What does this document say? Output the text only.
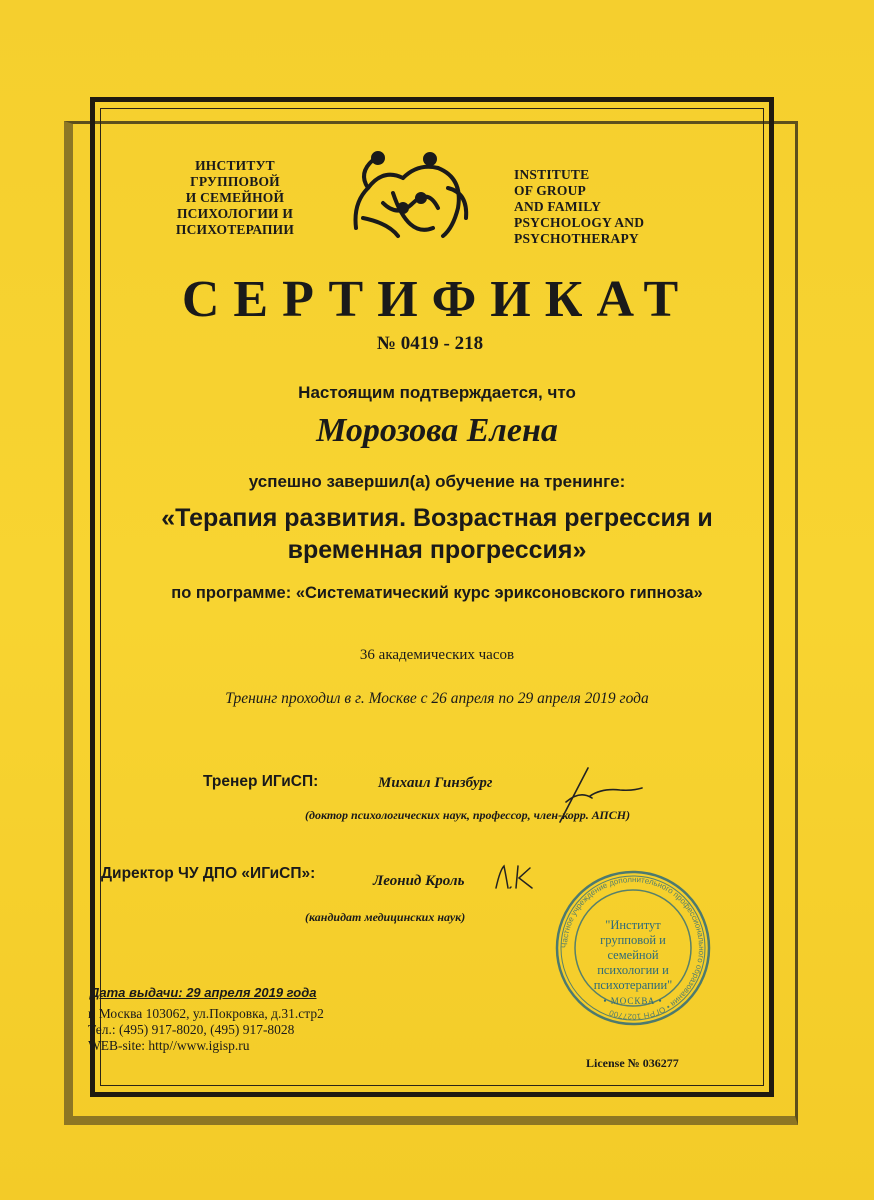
ИНСТИТУТ
ГРУППОВОЙ
И СЕМЕЙНОЙ
ПСИХОЛОГИИ И
ПСИХОТЕРАПИИ
INSTITUTE
OF GROUP
AND FAMILY
PSYCHOLOGY AND
PSYCHOTHERAPY
СЕРТИФИКАТ
№ 0419 - 218
Настоящим подтверждается, что
Морозова Елена
успешно завершил(а) обучение на тренинге:
«Терапия развития. Возрастная регрессия и
временная прогрессия»
по программе: «Систематический курс эриксоновского гипноза»
36 академических часов
Тренинг проходил в г. Москве с 26 апреля по 29 апреля 2019 года
Тренер ИГиСП:	Михаил Гинзбург
(доктор психологических наук, профессор, член-корр. АПСН)
Директор ЧУ ДПО «ИГиСП»:	Леонид Кроль
(кандидат медицинских наук)
Частное учреждение дополнительного профессионального образования • ОГРН 1027700
"Институт
групповой и семейной
психологии и
психотерапии"
• МОСКВА •
Дата выдачи: 29 апреля 2019 года
г. Москва 103062, ул.Покровка, д.31.стр2
Тел.: (495) 917-8020, (495) 917-8028
WEB-site: http//www.igisp.ru
License № 036277
